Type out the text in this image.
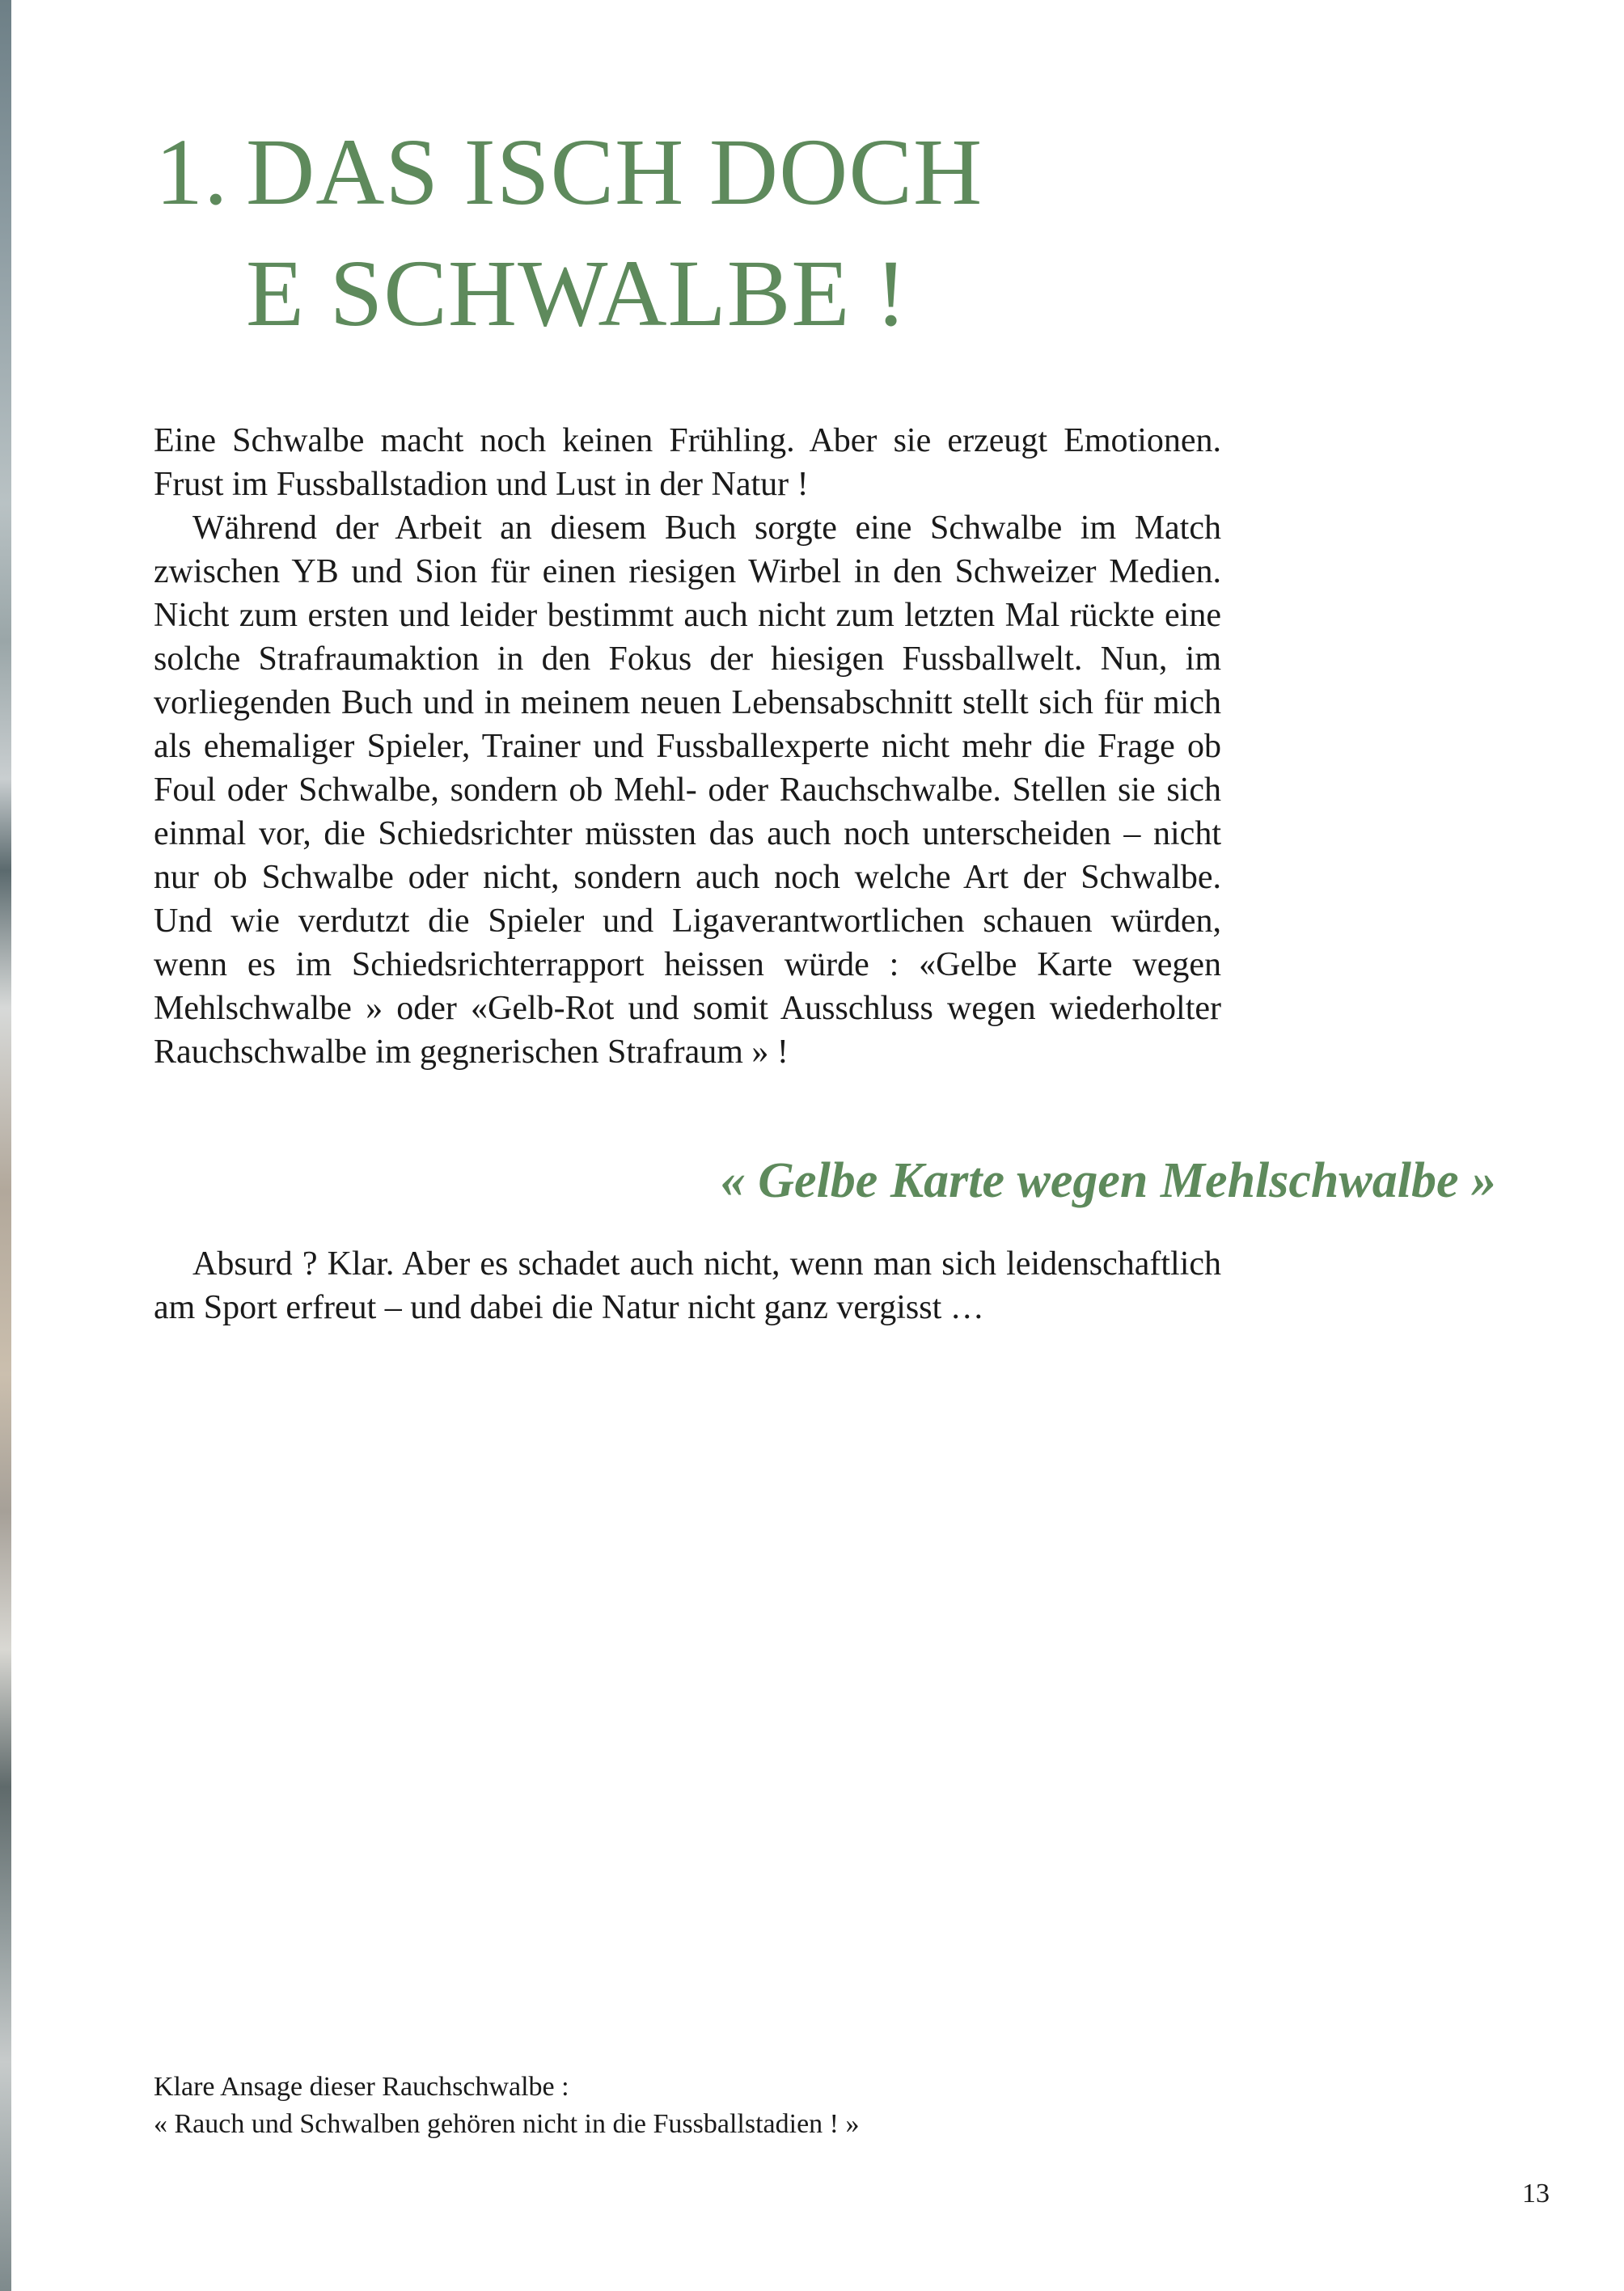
1. DAS ISCH DOCH
E SCHWALBE !

Eine Schwalbe macht noch keinen Frühling. Aber sie erzeugt Emotionen. Frust im Fussballstadion und Lust in der Natur !

Während der Arbeit an diesem Buch sorgte eine Schwalbe im Match zwischen YB und Sion für einen riesigen Wirbel in den Schweizer Medien. Nicht zum ersten und leider bestimmt auch nicht zum letzten Mal rückte eine solche Strafraumaktion in den Fokus der hiesigen Fussballwelt. Nun, im vorliegenden Buch und in meinem neuen Lebensabschnitt stellt sich für mich als ehemaliger Spieler, Trainer und Fussballexperte nicht mehr die Frage ob Foul oder Schwalbe, sondern ob Mehl- oder Rauchschwalbe. Stellen sie sich einmal vor, die Schiedsrichter müssten das auch noch unterscheiden – nicht nur ob Schwalbe oder nicht, sondern auch noch welche Art der Schwalbe. Und wie verdutzt die Spieler und Ligaverantwortlichen schauen würden, wenn es im Schiedsrichterrapport heissen würde : «Gelbe Karte wegen Mehlschwalbe » oder «Gelb-Rot und somit Ausschluss wegen wiederholter Rauchschwalbe im gegnerischen Strafraum » !

« Gelbe Karte wegen Mehlschwalbe »

Absurd ? Klar. Aber es schadet auch nicht, wenn man sich leidenschaftlich am Sport erfreut – und dabei die Natur nicht ganz vergisst …

Klare Ansage dieser Rauchschwalbe :
« Rauch und Schwalben gehören nicht in die Fussballstadien ! »
13
